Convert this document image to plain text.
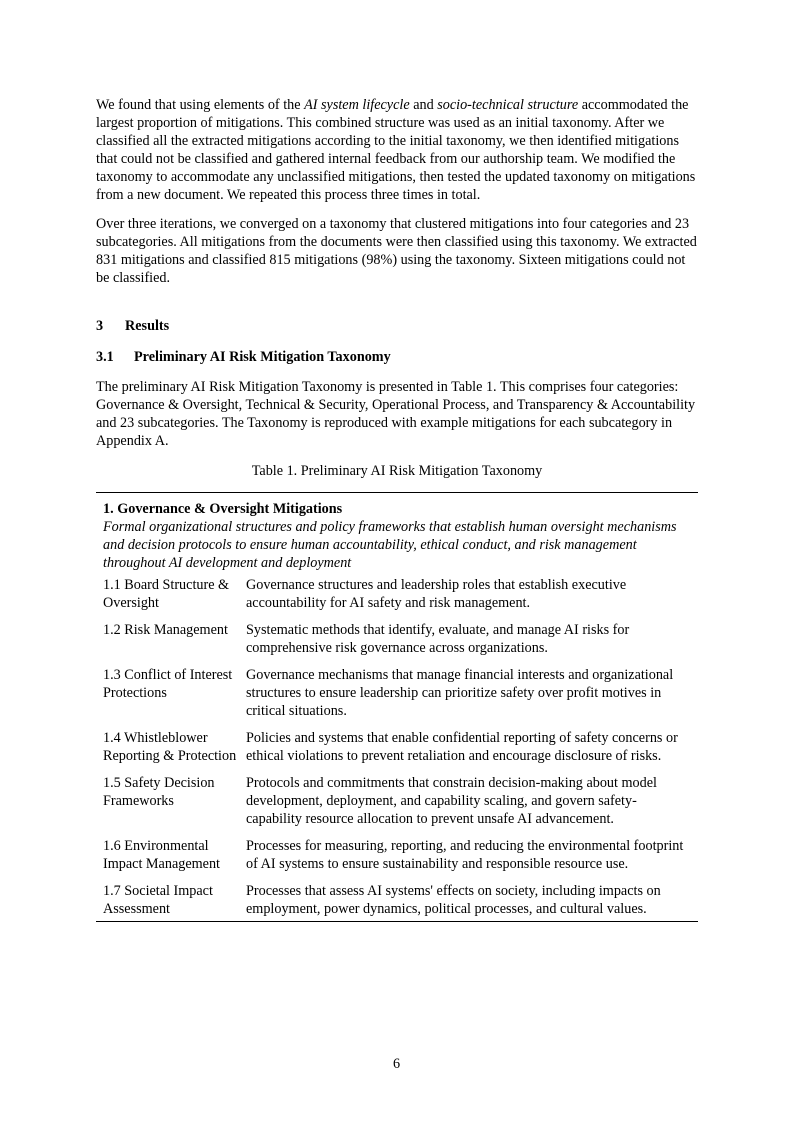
We found that using elements of the AI system lifecycle and socio-technical structure accommodated the largest proportion of mitigations. This combined structure was used as an initial taxonomy. After we classified all the extracted mitigations according to the initial taxonomy, we then identified mitigations that could not be classified and gathered internal feedback from our authorship team. We modified the taxonomy to accommodate any unclassified mitigations, then tested the updated taxonomy on mitigations from a new document. We repeated this process three times in total.

Over three iterations, we converged on a taxonomy that clustered mitigations into four categories and 23 subcategories. All mitigations from the documents were then classified using this taxonomy. We extracted 831 mitigations and classified 815 mitigations (98%) using the taxonomy. Sixteen mitigations could not be classified.

3	Results
3.1	Preliminary AI Risk Mitigation Taxonomy

The preliminary AI Risk Mitigation Taxonomy is presented in Table 1. This comprises four categories: Governance & Oversight, Technical & Security, Operational Process, and Transparency & Accountability and 23 subcategories. The Taxonomy is reproduced with example mitigations for each subcategory in Appendix A.

Table 1. Preliminary AI Risk Mitigation Taxonomy
1. Governance & Oversight Mitigations
Formal organizational structures and policy frameworks that establish human oversight mechanisms and decision protocols to ensure human accountability, ethical conduct, and risk management throughout AI development and deployment	

1.1 Board Structure & Oversight	Governance structures and leadership roles that establish executive accountability for AI safety and risk management.
1.2 Risk Management	Systematic methods that identify, evaluate, and manage AI risks for comprehensive risk governance across organizations.
1.3 Conflict of Interest Protections	Governance mechanisms that manage financial interests and organizational structures to ensure leadership can prioritize safety over profit motives in critical situations.
1.4 Whistleblower Reporting & Protection	Policies and systems that enable confidential reporting of safety concerns or ethical violations to prevent retaliation and encourage disclosure of risks.
1.5 Safety Decision Frameworks	Protocols and commitments that constrain decision-making about model development, deployment, and capability scaling, and govern safety-capability resource allocation to prevent unsafe AI advancement.
1.6 Environmental Impact Management	Processes for measuring, reporting, and reducing the environmental footprint of AI systems to ensure sustainability and responsible resource use.
1.7 Societal Impact Assessment	Processes that assess AI systems' effects on society, including impacts on employment, power dynamics, political processes, and cultural values.
6
